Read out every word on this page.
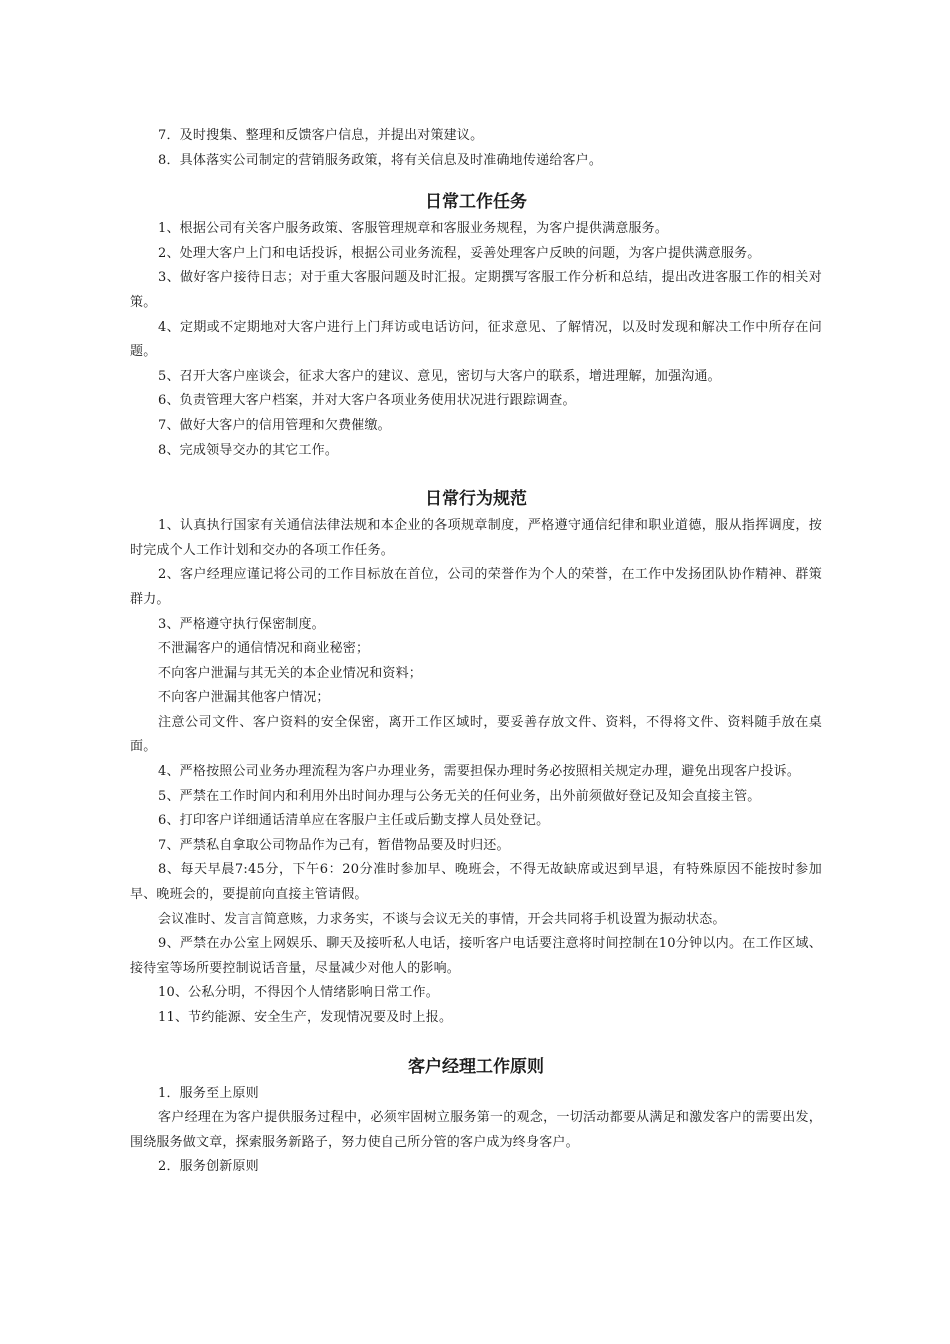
7．及时搜集、整理和反馈客户信息，并提出对策建议。

8．具体落实公司制定的营销服务政策，将有关信息及时准确地传递给客户。

日常工作任务

1、根据公司有关客户服务政策、客服管理规章和客服业务规程，为客户提供满意服务。

2、处理大客户上门和电话投诉，根据公司业务流程，妥善处理客户反映的问题，为客户提供满意服务。

3、做好客户接待日志；对于重大客服问题及时汇报。定期撰写客服工作分析和总结，提出改进客服工作的相关对策。

4、定期或不定期地对大客户进行上门拜访或电话访问，征求意见、了解情况，以及时发现和解决工作中所存在问题。

5、召开大客户座谈会，征求大客户的建议、意见，密切与大客户的联系，增进理解，加强沟通。

6、负责管理大客户档案，并对大客户各项业务使用状况进行跟踪调查。

7、做好大客户的信用管理和欠费催缴。

8、完成领导交办的其它工作。

日常行为规范

1、认真执行国家有关通信法律法规和本企业的各项规章制度，严格遵守通信纪律和职业道德，服从指挥调度，按时完成个人工作计划和交办的各项工作任务。

2、客户经理应谨记将公司的工作目标放在首位，公司的荣誉作为个人的荣誉，在工作中发扬团队协作精神、群策群力。

3、严格遵守执行保密制度。

不泄漏客户的通信情况和商业秘密；

不向客户泄漏与其无关的本企业情况和资料；

不向客户泄漏其他客户情况；

注意公司文件、客户资料的安全保密，离开工作区域时，要妥善存放文件、资料，不得将文件、资料随手放在桌面。

4、严格按照公司业务办理流程为客户办理业务，需要担保办理时务必按照相关规定办理，避免出现客户投诉。

5、严禁在工作时间内和利用外出时间办理与公务无关的任何业务，出外前须做好登记及知会直接主管。

6、打印客户详细通话清单应在客服户主任或后勤支撑人员处登记。

7、严禁私自拿取公司物品作为己有，暂借物品要及时归还。

8、每天早晨7:45分，下午6：20分准时参加早、晚班会，不得无故缺席或迟到早退，有特殊原因不能按时参加早、晚班会的，要提前向直接主管请假。

会议准时、发言言简意赅，力求务实，不谈与会议无关的事情，开会共同将手机设置为振动状态。

9、严禁在办公室上网娱乐、聊天及接听私人电话，接听客户电话要注意将时间控制在10分钟以内。在工作区域、接待室等场所要控制说话音量，尽量减少对他人的影响。

10、公私分明，不得因个人情绪影响日常工作。

11、节约能源、安全生产，发现情况要及时上报。

客户经理工作原则

1．服务至上原则

客户经理在为客户提供服务过程中，必须牢固树立服务第一的观念，一切活动都要从满足和激发客户的需要出发，围绕服务做文章，探索服务新路子，努力使自己所分管的客户成为终身客户。

2．服务创新原则
